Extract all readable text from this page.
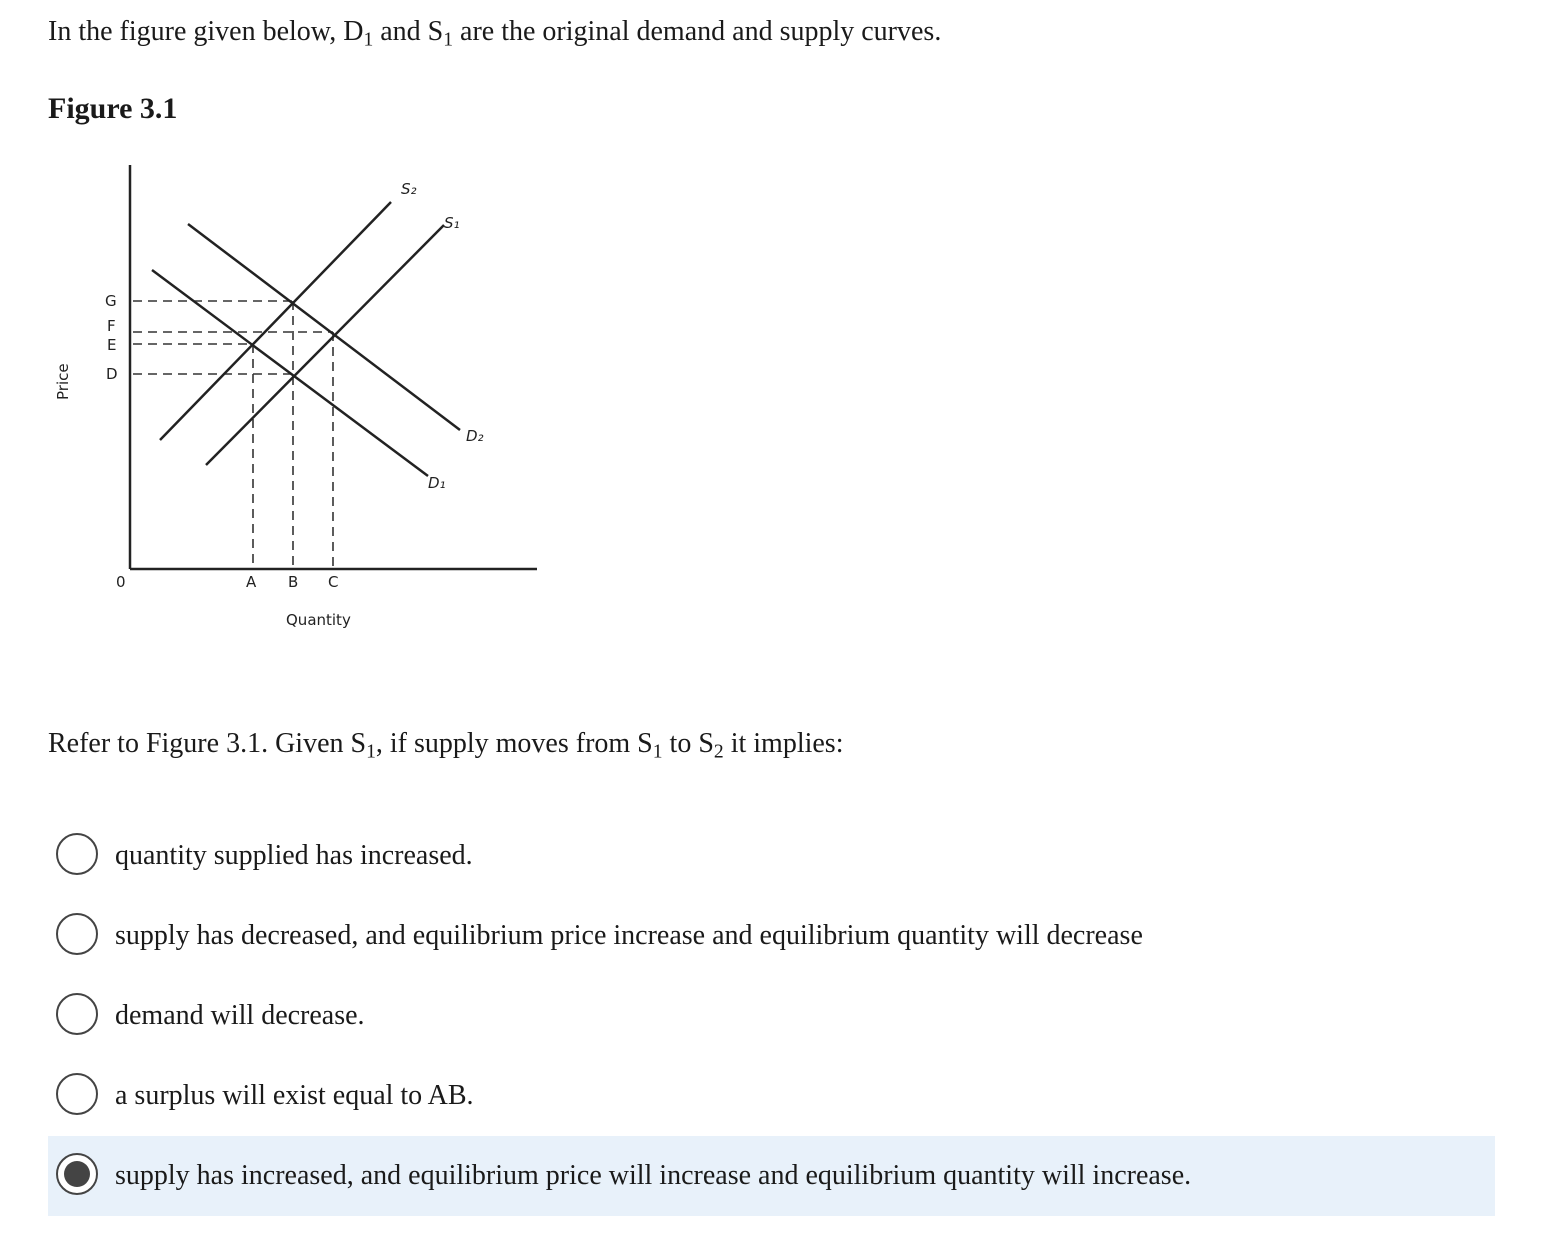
In the figure given below, $D_1$ and $S_1$ are the original demand and supply curves.
Figure 3.1
G
F
E
D
0	A B C
Quantity
Price
S₂
S₁
D₂
D₁

Refer to Figure 3.1. Given $S_1$, if supply moves from $S_1$ to $S_2$ it implies:

quantity supplied has increased.
supply has decreased, and equilibrium price increase and equilibrium quantity will decrease
demand will decrease.
a surplus will exist equal to AB.
supply has increased, and equilibrium price will increase and equilibrium quantity will increase.
